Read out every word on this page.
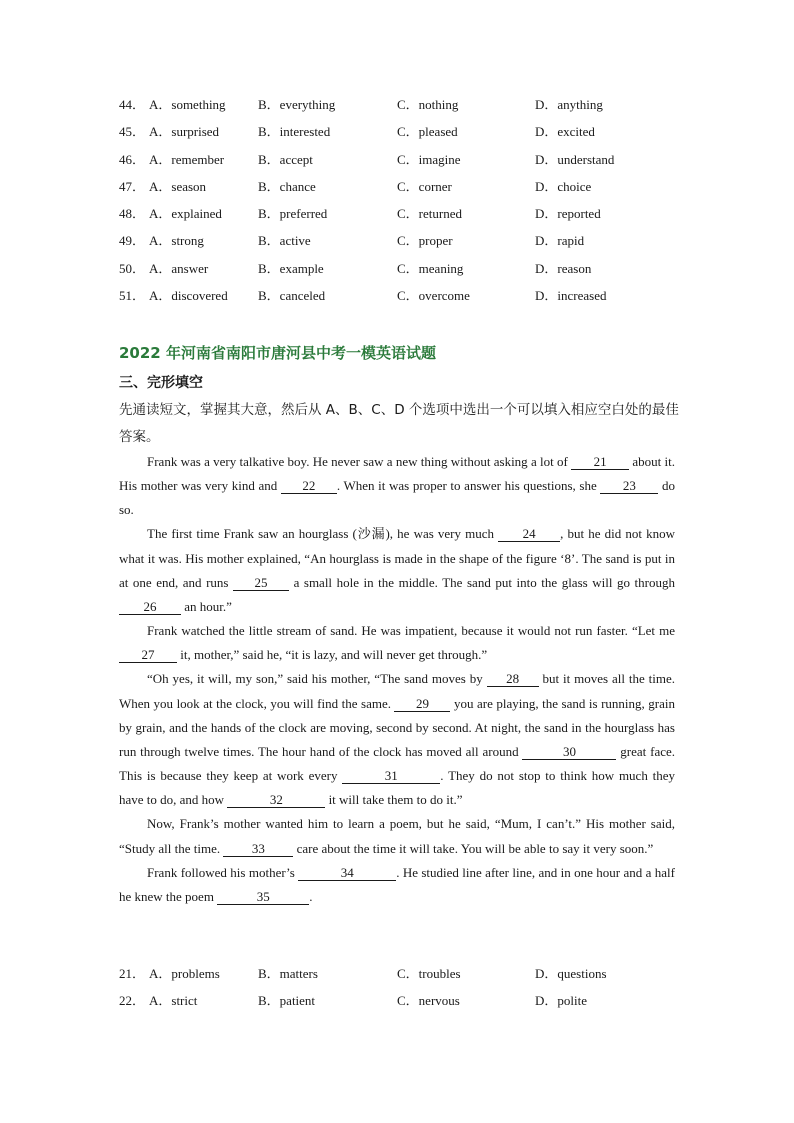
44． A．something B．everything	C．nothing	D．anything
45． A．surprised	B．interested	C．pleased	D．excited
46． A．remember	B．accept	C．imagine	D．understand
47． A．season	B．chance	C．corner	D．choice
48． A．explained	B．preferred	C．returned	D．reported
49． A．strong	B．active	C．proper	D．rapid
50． A．answer	B．example	C．meaning	D．reason
51． A．discovered B．canceled	C．overcome	D．increased
2022 年河南省南阳市唐河县中考一模英语试题
三、完形填空
先通读短文，掌握其大意，然后从 A、B、C、D 个选项中选出一个可以填入相应空白处的最佳答案。

Frank was a very talkative boy. He never saw a new thing without asking a lot of 21 about it. His mother was very kind and 22 . When it was proper to answer his questions, she 23 do so.

The first time Frank saw an hourglass (沙漏), he was very much 24 , but he did not know what it was. His mother explained, “An hourglass is made in the shape of the figure ‘8’. The sand is put in at one end, and runs 25 a small hole in the middle. The sand put into the glass will go through 26 an hour.”

Frank watched the little stream of sand. He was impatient, because it would not run faster. “Let me 27 it, mother,” said he, “it is lazy, and will never get through.”

“Oh yes, it will, my son,” said his mother, “The sand moves by 28 but it moves all the time. When you look at the clock, you will find the same. 29 you are playing, the sand is running, grain by grain, and the hands of the clock are moving, second by second. At night, the sand in the hourglass has run through twelve times. The hour hand of the clock has moved all around	30	great face. This is because they keep at work every	31	. They do not stop to think how much they have to do, and how	32	it will take them to do it.”

Now, Frank’s mother wanted him to learn a poem, but he said, “Mum, I can’t.” His mother said, “Study all the time. 33 care about the time it will take. You will be able to say it very soon.”

Frank followed his mother’s	34	. He studied line after line, and in one hour and a half he knew the poem	35	.

21． A．problems	B．matters	C．troubles	D．questions
22． A．strict	B．patient	C．nervous	D．polite
